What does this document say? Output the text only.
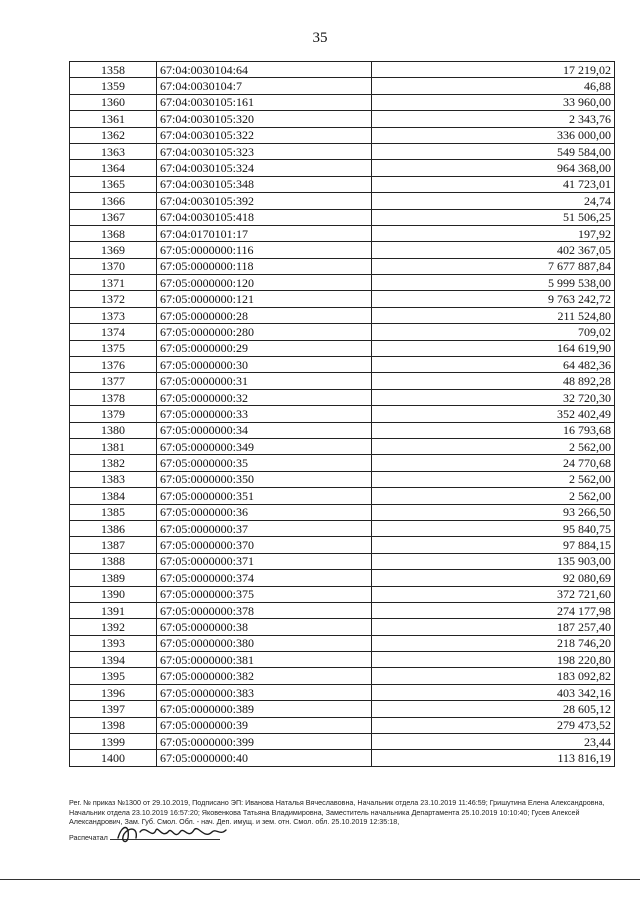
35
1358	67:04:0030104:64	17 219,02
1359	67:04:0030104:7	46,88
1360	67:04:0030105:161	33 960,00
1361	67:04:0030105:320	2 343,76
1362	67:04:0030105:322	336 000,00
1363	67:04:0030105:323	549 584,00
1364	67:04:0030105:324	964 368,00
1365	67:04:0030105:348	41 723,01
1366	67:04:0030105:392	24,74
1367	67:04:0030105:418	51 506,25
1368	67:04:0170101:17	197,92
1369	67:05:0000000:116	402 367,05
1370	67:05:0000000:118	7 677 887,84
1371	67:05:0000000:120	5 999 538,00
1372	67:05:0000000:121	9 763 242,72
1373	67:05:0000000:28	211 524,80
1374	67:05:0000000:280	709,02
1375	67:05:0000000:29	164 619,90
1376	67:05:0000000:30	64 482,36
1377	67:05:0000000:31	48 892,28
1378	67:05:0000000:32	32 720,30
1379	67:05:0000000:33	352 402,49
1380	67:05:0000000:34	16 793,68
1381	67:05:0000000:349	2 562,00
1382	67:05:0000000:35	24 770,68
1383	67:05:0000000:350	2 562,00
1384	67:05:0000000:351	2 562,00
1385	67:05:0000000:36	93 266,50
1386	67:05:0000000:37	95 840,75
1387	67:05:0000000:370	97 884,15
1388	67:05:0000000:371	135 903,00
1389	67:05:0000000:374	92 080,69
1390	67:05:0000000:375	372 721,60
1391	67:05:0000000:378	274 177,98
1392	67:05:0000000:38	187 257,40
1393	67:05:0000000:380	218 746,20
1394	67:05:0000000:381	198 220,80
1395	67:05:0000000:382	183 092,82
1396	67:05:0000000:383	403 342,16
1397	67:05:0000000:389	28 605,12
1398	67:05:0000000:39	279 473,52
1399	67:05:0000000:399	23,44
1400	67:05:0000000:40	113 816,19
Рег. № приказ №1300 от 29.10.2019, Подписано ЭП: Иванова Наталья Вячеславовна, Начальник отдела 23.10.2019 11:46:59; Гришутина Елена Александровна, Начальник отдела 23.10.2019 16:57:20; Яковенкова Татьяна Владимировна, Заместитель начальника Департамента 25.10.2019 10:10:40; Гусев Алексей Александрович, Зам. Губ. Смол. Обл. - нач. Деп. имущ. и зем. отн. Смол. обл. 25.10.2019 12:35:18,
Распечатал
